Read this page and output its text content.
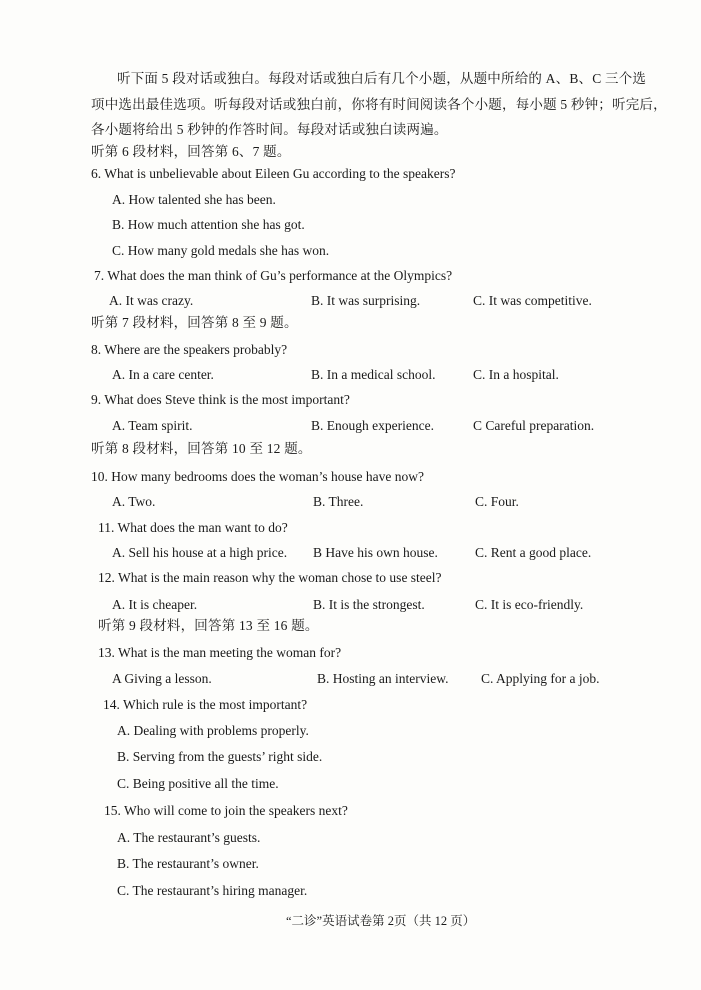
听下面 5 段对话或独白。每段对话或独白后有几个小题，从题中所给的 A、B、C 三个选
项中选出最佳选项。听每段对话或独白前，你将有时间阅读各个小题，每小题 5 秒钟；听完后，
各小题将给出 5 秒钟的作答时间。每段对话或独白读两遍。
听第 6 段材料，回答第 6、7 题。
6. What is unbelievable about Eileen Gu according to the speakers?
A. How talented she has been.
B. How much attention she has got.
C. How many gold medals she has won.
7. What does the man think of Gu’s performance at the Olympics?
A. It was crazy.	B. It was surprising.	C. It was competitive.
听第 7 段材料，回答第 8 至 9 题。
8. Where are the speakers probably?
A. In a care center.	B. In a medical school.	C. In a hospital.
9. What does Steve think is the most important?
A. Team spirit.	B. Enough experience.	C Careful preparation.
听第 8 段材料，回答第 10 至 12 题。
10. How many bedrooms does the woman’s house have now?
A. Two.	B. Three.	C. Four.
11. What does the man want to do?
A. Sell his house at a high price. B Have his own house.	C. Rent a good place.
12. What is the main reason why the woman chose to use steel?
A. It is cheaper.	B. It is the strongest.	C. It is eco-friendly.
听第 9 段材料，回答第 13 至 16 题。
13. What is the man meeting the woman for?
A Giving a lesson.	B. Hosting an interview. C. Applying for a job.
14. Which rule is the most important?
A. Dealing with problems properly.
B. Serving from the guests’ right side.
C. Being positive all the time.
15. Who will come to join the speakers next?
A. The restaurant’s guests.
B. The restaurant’s owner.
C. The restaurant’s hiring manager.
“二诊”英语试卷第 2页（共 12 页）
